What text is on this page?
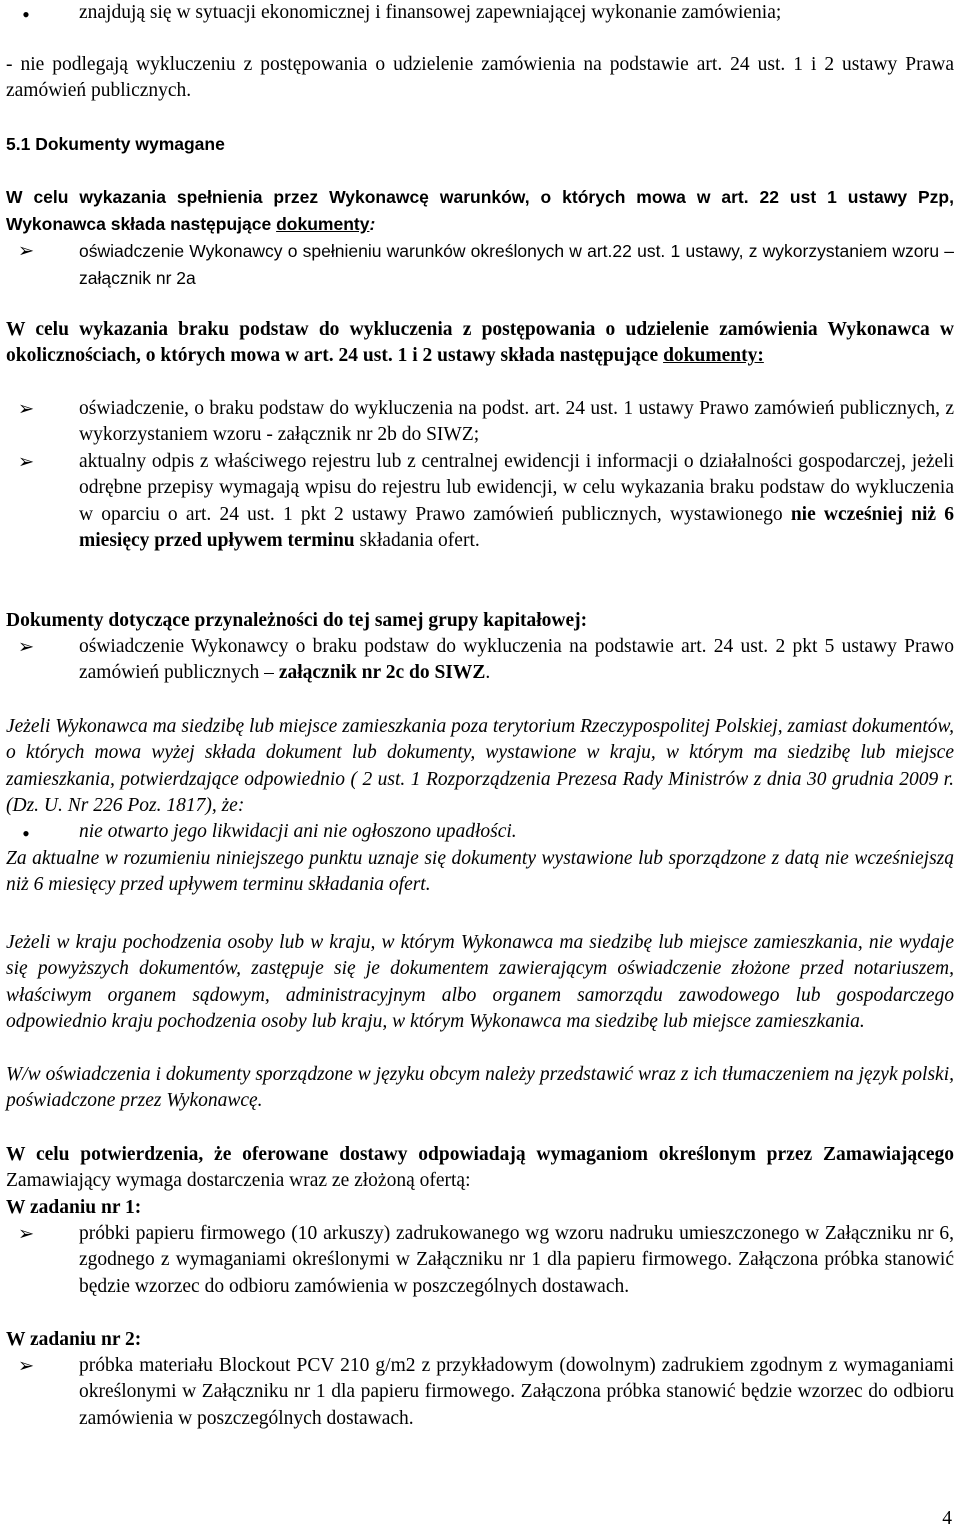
•	znajdują się w sytuacji ekonomicznej i finansowej zapewniającej wykonanie zamówienia;

- nie podlegają wykluczeniu z postępowania o udzielenie zamówienia na podstawie art. 24 ust. 1 i 2 ustawy Prawa zamówień publicznych.

5.1 Dokumenty wymagane

W celu wykazania spełnienia przez Wykonawcę warunków, o których mowa w art. 22 ust 1 ustawy Pzp, Wykonawca składa następujące dokumenty:

➢	oświadczenie Wykonawcy o spełnieniu warunków określonych w art.22 ust. 1 ustawy, z wykorzystaniem wzoru – załącznik nr 2a

W celu wykazania braku podstaw do wykluczenia z postępowania o udzielenie zamówienia Wykonawca w okolicznościach, o których mowa w art. 24 ust. 1 i 2 ustawy składa następujące dokumenty:

➢	oświadczenie, o braku podstaw do wykluczenia na podst. art. 24 ust. 1 ustawy Prawo zamówień publicznych, z wykorzystaniem wzoru - załącznik nr 2b do SIWZ;

➢	aktualny odpis z właściwego rejestru lub z centralnej ewidencji i informacji o działalności gospodarczej, jeżeli odrębne przepisy wymagają wpisu do rejestru lub ewidencji, w celu wykazania braku podstaw do wykluczenia w oparciu o art. 24 ust. 1 pkt 2 ustawy Prawo zamówień publicznych, wystawionego nie wcześniej niż 6 miesięcy przed upływem terminu składania ofert.

Dokumenty dotyczące przynależności do tej samej grupy kapitałowej:

➢	oświadczenie Wykonawcy o braku podstaw do wykluczenia na podstawie art. 24 ust. 2 pkt 5 ustawy Prawo zamówień publicznych – załącznik nr 2c do SIWZ.

Jeżeli Wykonawca ma siedzibę lub miejsce zamieszkania poza terytorium Rzeczypospolitej Polskiej, zamiast dokumentów, o których mowa wyżej składa dokument lub dokumenty, wystawione w kraju, w którym ma siedzibę lub miejsce zamieszkania, potwierdzające odpowiednio ( 2 ust. 1 Rozporządzenia Prezesa Rady Ministrów z dnia 30 grudnia 2009 r. (Dz. U. Nr 226 Poz. 1817), że:

•	nie otwarto jego likwidacji ani nie ogłoszono upadłości.

Za aktualne w rozumieniu niniejszego punktu uznaje się dokumenty wystawione lub sporządzone z datą nie wcześniejszą niż 6 miesięcy przed upływem terminu składania ofert.

Jeżeli w kraju pochodzenia osoby lub w kraju, w którym Wykonawca ma siedzibę lub miejsce zamieszkania, nie wydaje się powyższych dokumentów, zastępuje się je dokumentem zawierającym oświadczenie złożone przed notariuszem, właściwym organem sądowym, administracyjnym albo organem samorządu zawodowego lub gospodarczego odpowiednio kraju pochodzenia osoby lub kraju, w którym Wykonawca ma siedzibę lub miejsce zamieszkania.

W/w oświadczenia i dokumenty sporządzone w języku obcym należy przedstawić wraz z ich tłumaczeniem na język polski, poświadczone przez Wykonawcę.

W celu potwierdzenia, że oferowane dostawy odpowiadają wymaganiom określonym przez Zamawiającego Zamawiający wymaga dostarczenia wraz ze złożoną ofertą:

W zadaniu nr 1:

➢	próbki papieru firmowego (10 arkuszy) zadrukowanego wg wzoru nadruku umieszczonego w Załączniku nr 6, zgodnego z wymaganiami określonymi w Załączniku nr 1 dla papieru firmowego. Załączona próbka stanowić będzie wzorzec do odbioru zamówienia w poszczególnych dostawach.

W zadaniu nr 2:

➢	próbka materiału Blockout PCV 210 g/m2 z przykładowym (dowolnym) zadrukiem zgodnym z wymaganiami określonymi w Załączniku nr 1 dla papieru firmowego. Załączona próbka stanowić będzie wzorzec do odbioru zamówienia w poszczególnych dostawach.

4
